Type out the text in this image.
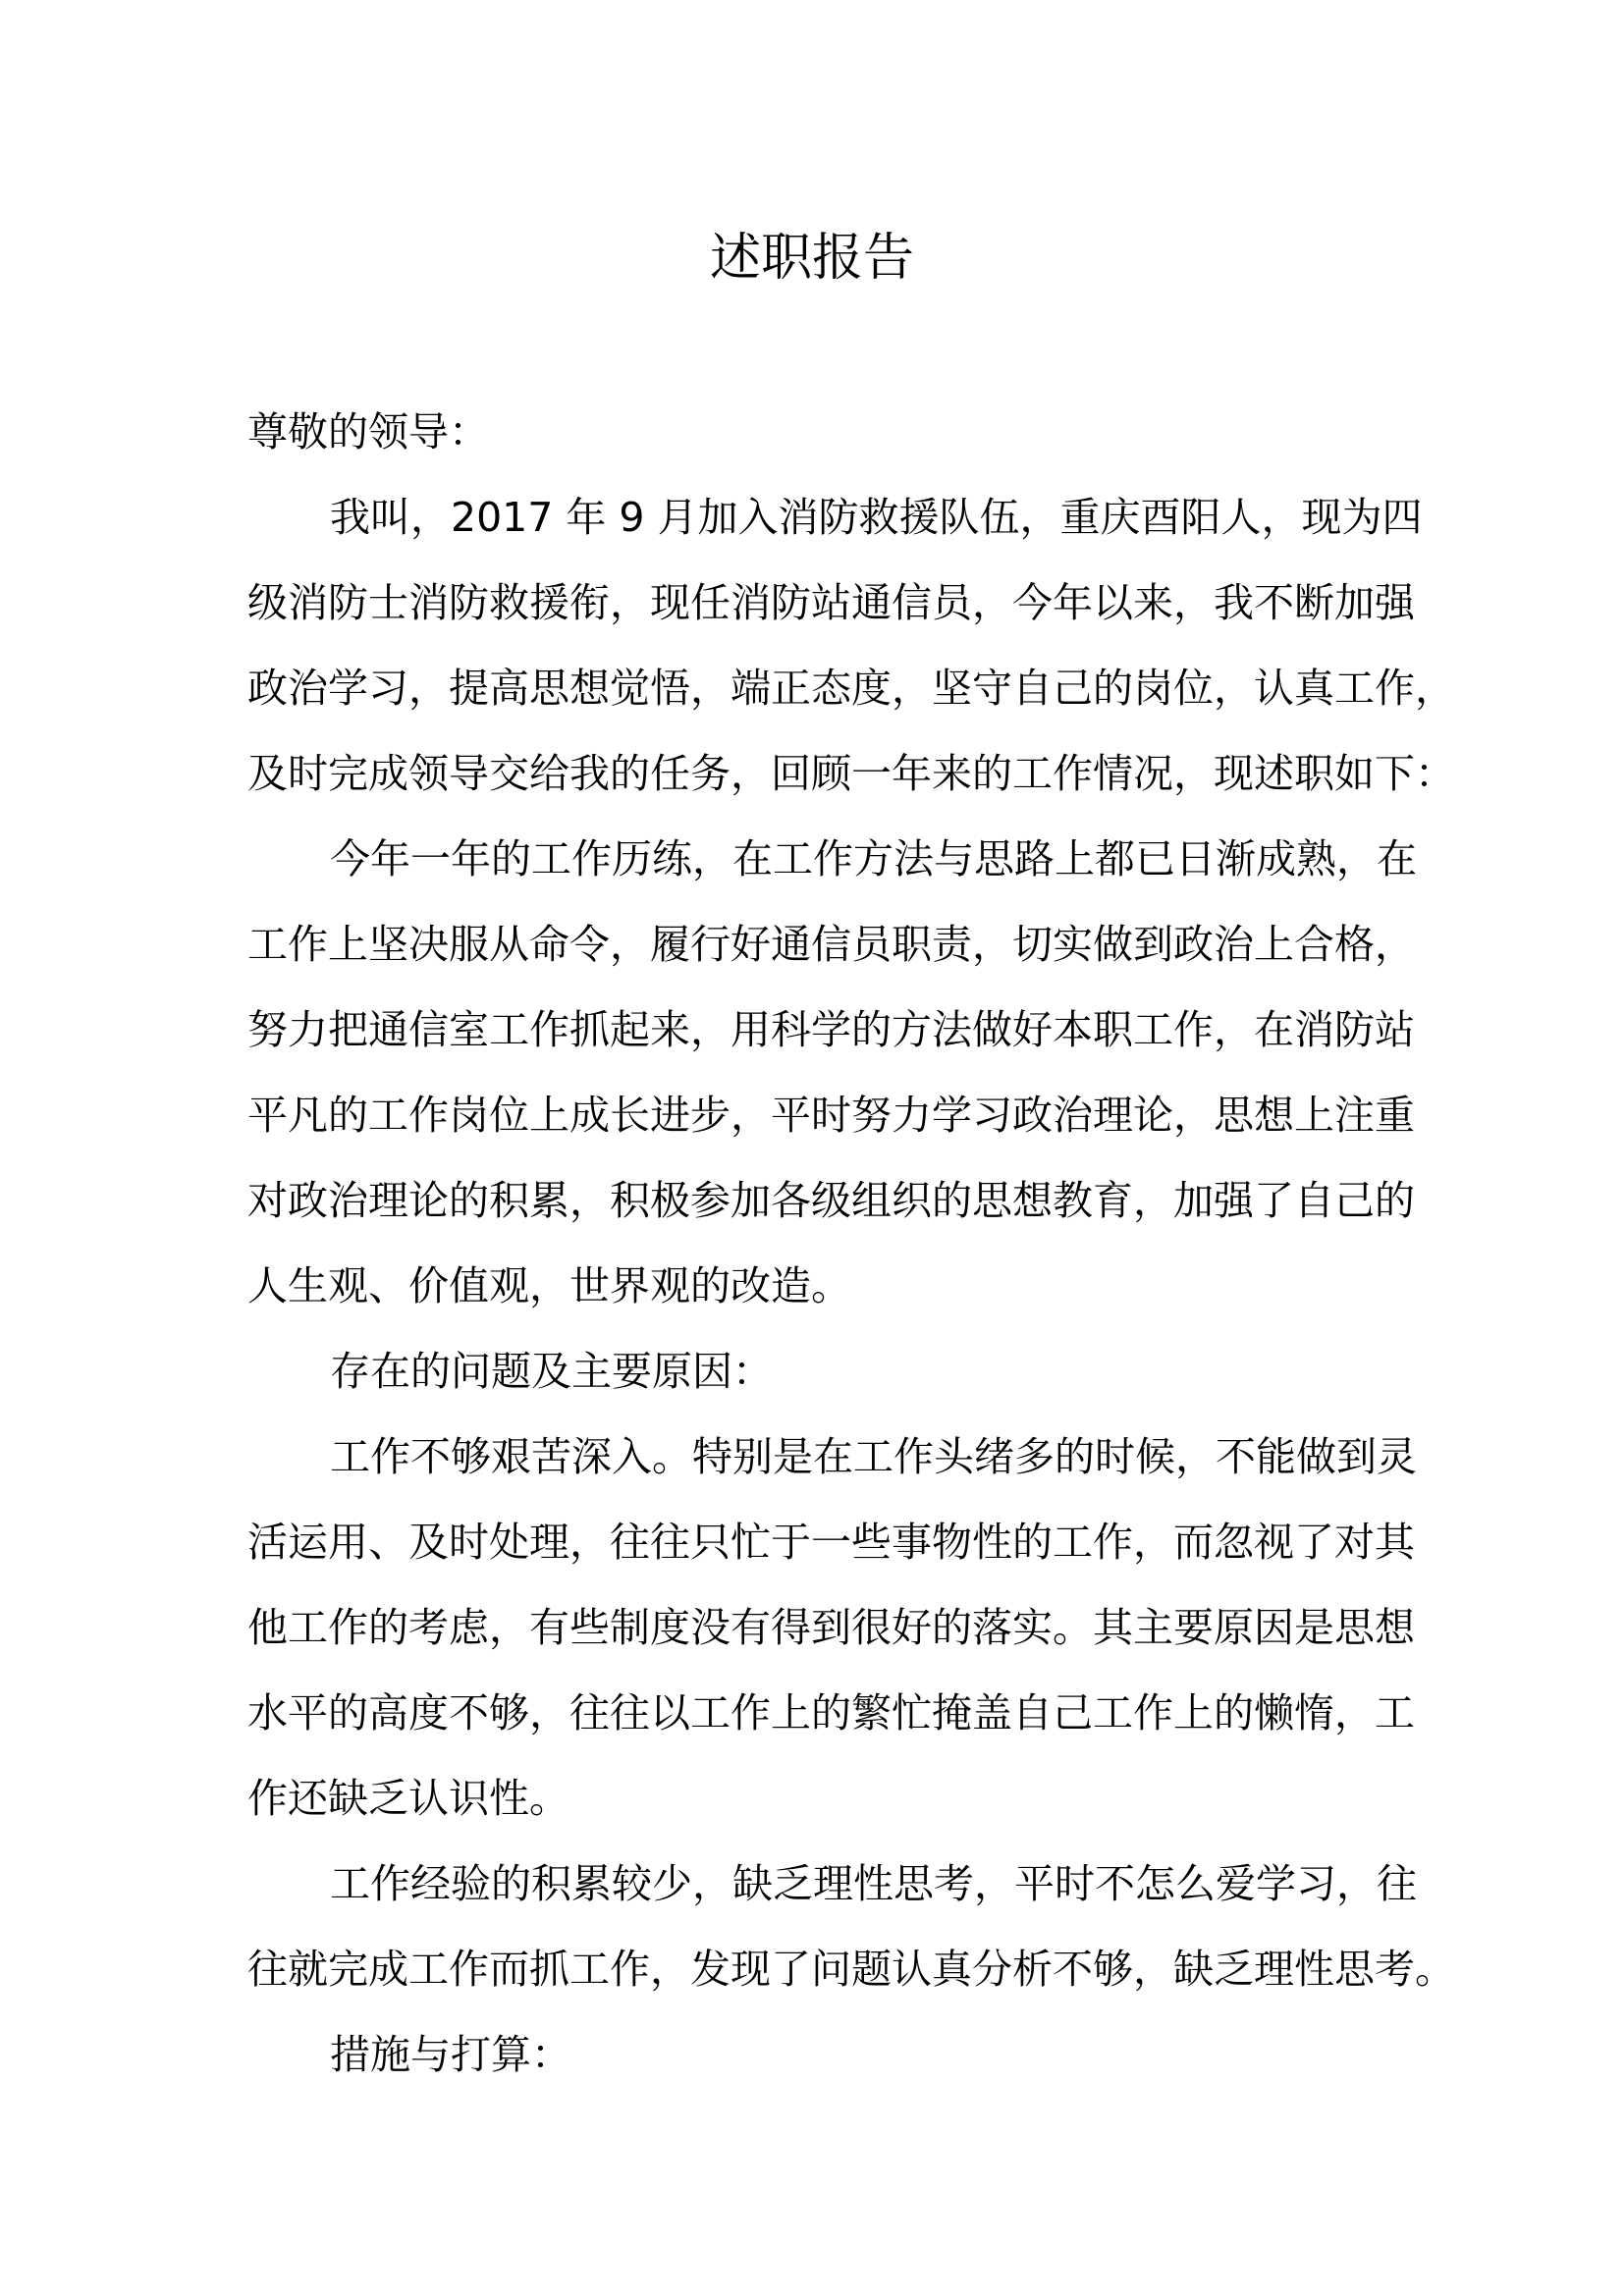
述职报告
尊敬的领导：
我叫，2017 年 9 月加入消防救援队伍，重庆酉阳人，现为四
级消防士消防救援衔，现任消防站通信员，今年以来，我不断加强
政治学习，提高思想觉悟，端正态度，坚守自己的岗位，认真工作，
及时完成领导交给我的任务，回顾一年来的工作情况，现述职如下：
今年一年的工作历练，在工作方法与思路上都已日渐成熟，在
工作上坚决服从命令，履行好通信员职责，切实做到政治上合格，
努力把通信室工作抓起来，用科学的方法做好本职工作，在消防站
平凡的工作岗位上成长进步，平时努力学习政治理论，思想上注重
对政治理论的积累，积极参加各级组织的思想教育，加强了自己的
人生观、价值观，世界观的改造。
存在的问题及主要原因：
工作不够艰苦深入。特别是在工作头绪多的时候，不能做到灵
活运用、及时处理，往往只忙于一些事物性的工作，而忽视了对其
他工作的考虑，有些制度没有得到很好的落实。其主要原因是思想
水平的高度不够，往往以工作上的繁忙掩盖自己工作上的懒惰，工
作还缺乏认识性。
工作经验的积累较少，缺乏理性思考，平时不怎么爱学习，往
往就完成工作而抓工作，发现了问题认真分析不够，缺乏理性思考。
措施与打算：
